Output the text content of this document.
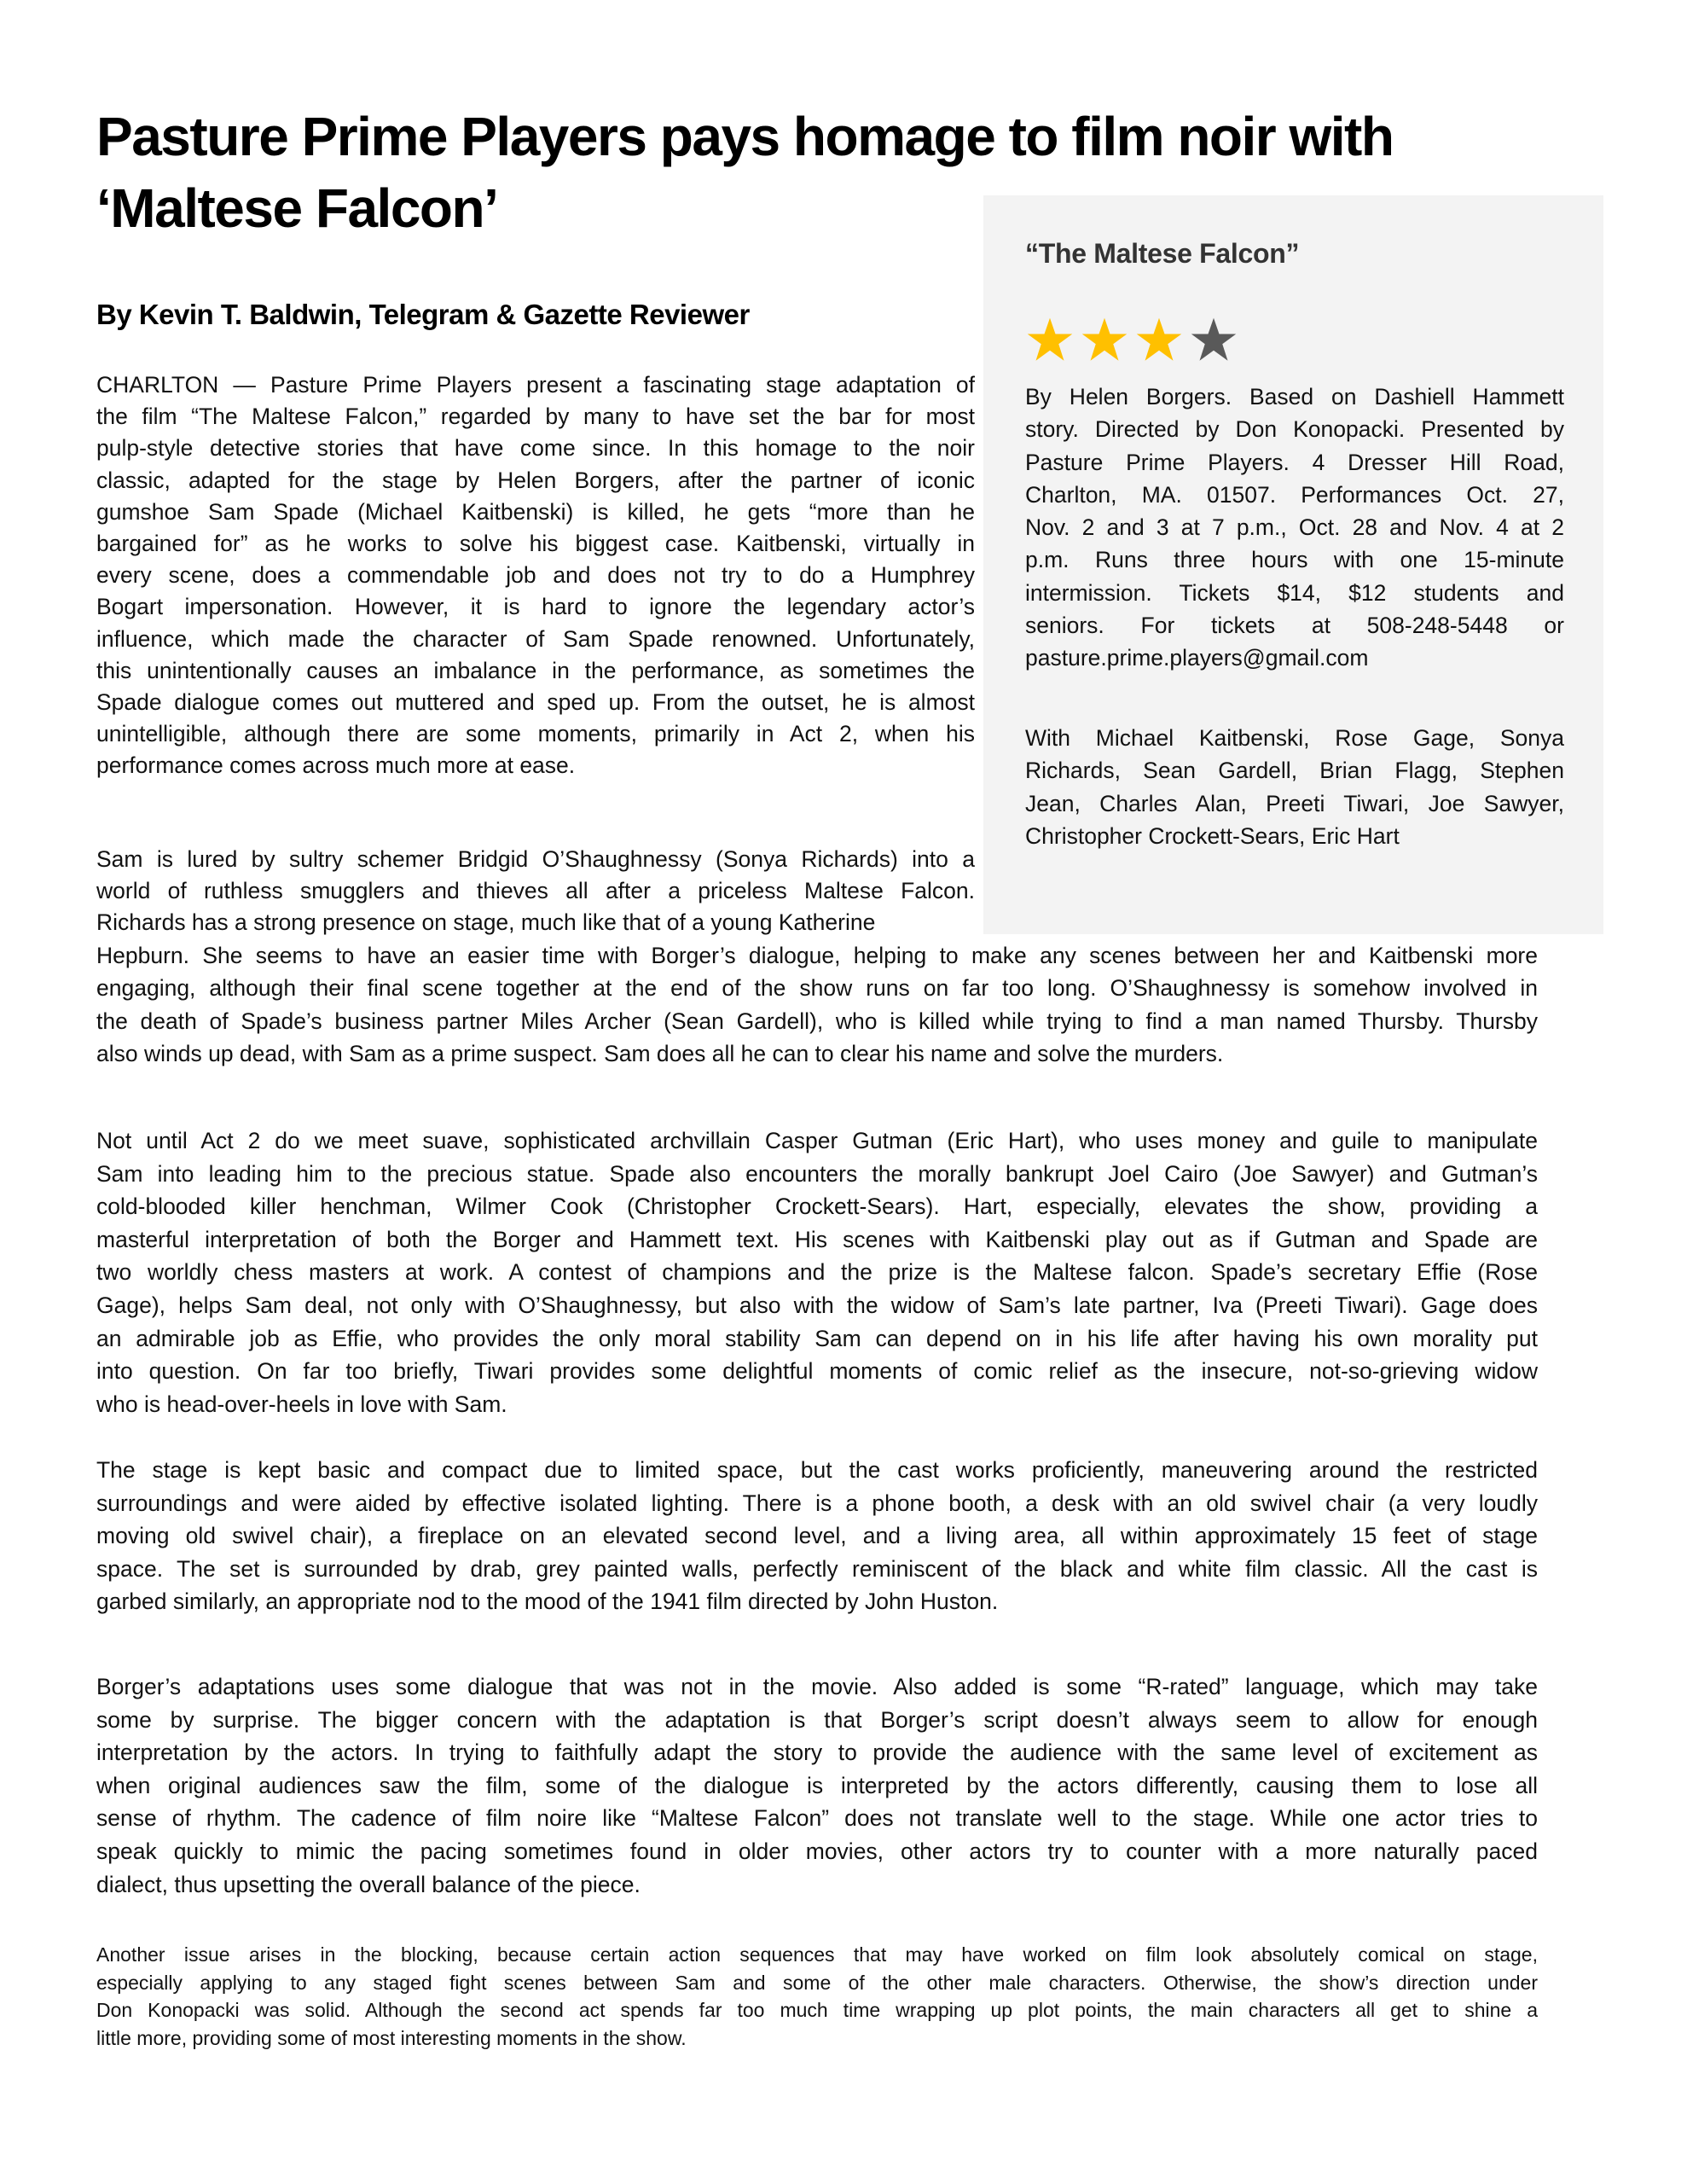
Pasture Prime Players pays homage to film noir with
‘Maltese Falcon’

By Kevin T. Baldwin, Telegram & Gazette Reviewer

“The Maltese Falcon”
By Helen Borgers. Based on Dashiell Hammett
story. Directed by Don Konopacki. Presented by
Pasture Prime Players. 4 Dresser Hill Road,
Charlton, MA. 01507. Performances Oct. 27,
Nov. 2 and 3 at 7 p.m., Oct. 28 and Nov. 4 at 2
p.m. Runs three hours with one 15-minute
intermission. Tickets $14, $12 students and
seniors. For tickets at 508-248-5448 or
pasture.prime.players@gmail.com
With Michael Kaitbenski, Rose Gage, Sonya
Richards, Sean Gardell, Brian Flagg, Stephen
Jean, Charles Alan, Preeti Tiwari, Joe Sawyer,
Christopher Crockett-Sears, Eric Hart
CHARLTON — Pasture Prime Players present a fascinating stage adaptation of
the film “The Maltese Falcon,” regarded by many to have set the bar for most
pulp-style detective stories that have come since. In this homage to the noir
classic, adapted for the stage by Helen Borgers, after the partner of iconic
gumshoe Sam Spade (Michael Kaitbenski) is killed, he gets “more than he
bargained for” as he works to solve his biggest case. Kaitbenski, virtually in
every scene, does a commendable job and does not try to do a Humphrey
Bogart impersonation. However, it is hard to ignore the legendary actor’s
influence, which made the character of Sam Spade renowned. Unfortunately,
this unintentionally causes an imbalance in the performance, as sometimes the
Spade dialogue comes out muttered and sped up. From the outset, he is almost
unintelligible, although there are some moments, primarily in Act 2, when his
performance comes across much more at ease.
Sam is lured by sultry schemer Bridgid O’Shaughnessy (Sonya Richards) into a
world of ruthless smugglers and thieves all after a priceless Maltese Falcon.
Richards has a strong presence on stage, much like that of a young Katherine
Hepburn. She seems to have an easier time with Borger’s dialogue, helping to make any scenes between her and Kaitbenski more
engaging, although their final scene together at the end of the show runs on far too long. O’Shaughnessy is somehow involved in
the death of Spade’s business partner Miles Archer (Sean Gardell), who is killed while trying to find a man named Thursby. Thursby
also winds up dead, with Sam as a prime suspect. Sam does all he can to clear his name and solve the murders.
Not until Act 2 do we meet suave, sophisticated archvillain Casper Gutman (Eric Hart), who uses money and guile to manipulate
Sam into leading him to the precious statue. Spade also encounters the morally bankrupt Joel Cairo (Joe Sawyer) and Gutman’s
cold-blooded killer henchman, Wilmer Cook (Christopher Crockett-Sears). Hart, especially, elevates the show, providing a
masterful interpretation of both the Borger and Hammett text. His scenes with Kaitbenski play out as if Gutman and Spade are
two worldly chess masters at work. A contest of champions and the prize is the Maltese falcon. Spade’s secretary Effie (Rose
Gage), helps Sam deal, not only with O’Shaughnessy, but also with the widow of Sam’s late partner, Iva (Preeti Tiwari). Gage does
an admirable job as Effie, who provides the only moral stability Sam can depend on in his life after having his own morality put
into question. On far too briefly, Tiwari provides some delightful moments of comic relief as the insecure, not-so-grieving widow
who is head-over-heels in love with Sam.
The stage is kept basic and compact due to limited space, but the cast works proficiently, maneuvering around the restricted
surroundings and were aided by effective isolated lighting. There is a phone booth, a desk with an old swivel chair (a very loudly
moving old swivel chair), a fireplace on an elevated second level, and a living area, all within approximately 15 feet of stage
space. The set is surrounded by drab, grey painted walls, perfectly reminiscent of the black and white film classic. All the cast is
garbed similarly, an appropriate nod to the mood of the 1941 film directed by John Huston.
Borger’s adaptations uses some dialogue that was not in the movie. Also added is some “R-rated” language, which may take
some by surprise. The bigger concern with the adaptation is that Borger’s script doesn’t always seem to allow for enough
interpretation by the actors. In trying to faithfully adapt the story to provide the audience with the same level of excitement as
when original audiences saw the film, some of the dialogue is interpreted by the actors differently, causing them to lose all
sense of rhythm. The cadence of film noire like “Maltese Falcon” does not translate well to the stage. While one actor tries to
speak quickly to mimic the pacing sometimes found in older movies, other actors try to counter with a more naturally paced
dialect, thus upsetting the overall balance of the piece.
Another issue arises in the blocking, because certain action sequences that may have worked on film look absolutely comical on stage,
especially applying to any staged fight scenes between Sam and some of the other male characters. Otherwise, the show’s direction under
Don Konopacki was solid. Although the second act spends far too much time wrapping up plot points, the main characters all get to shine a
little more, providing some of most interesting moments in the show.
